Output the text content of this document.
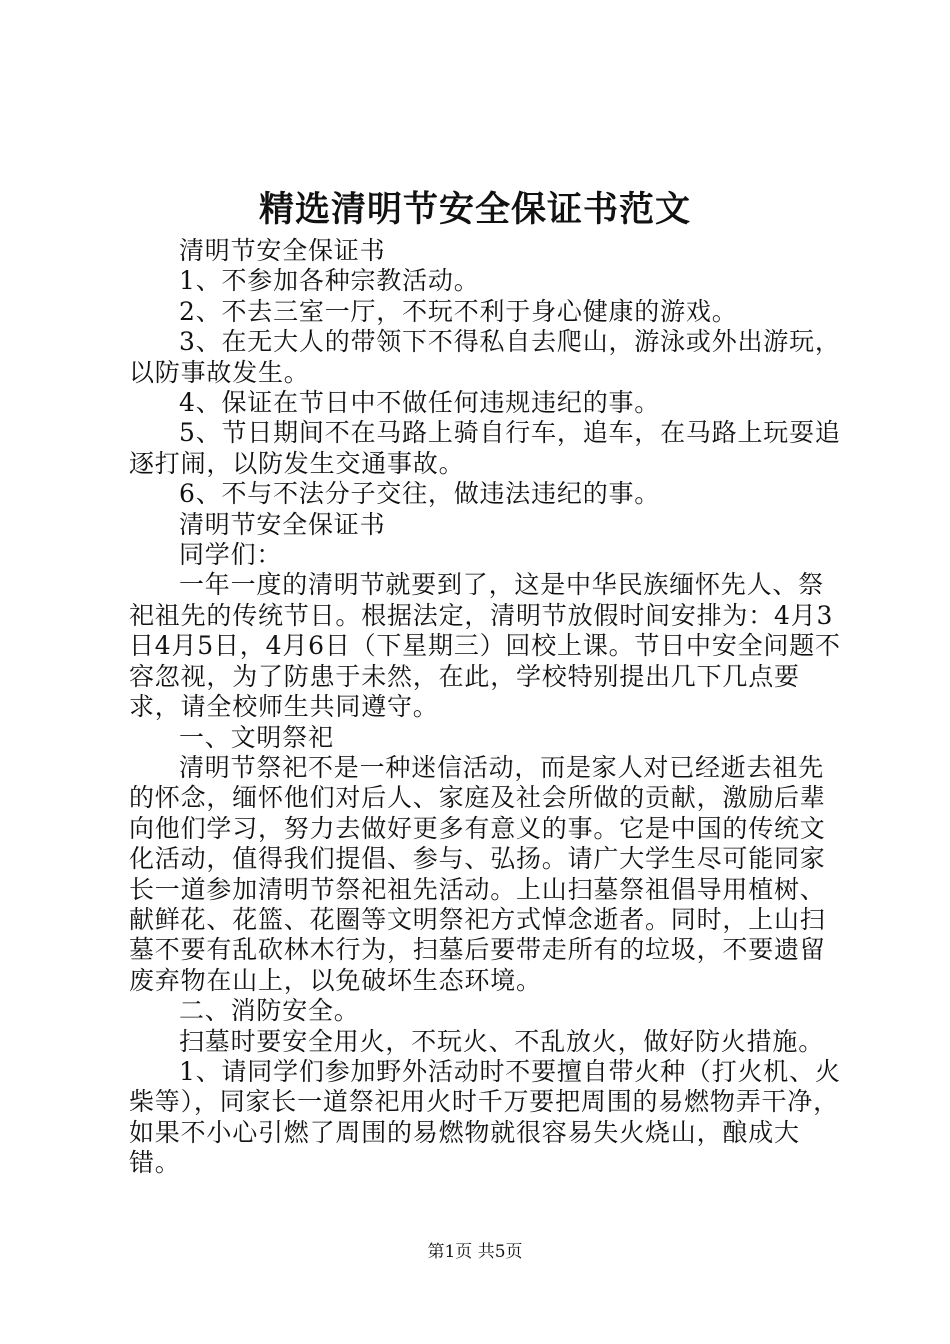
精选清明节安全保证书范文

清明节安全保证书

1、不参加各种宗教活动。

2、不去三室一厅，不玩不利于身心健康的游戏。

3、在无大人的带领下不得私自去爬山，游泳或外出游玩，以防事故发生。

4、保证在节日中不做任何违规违纪的事。

5、节日期间不在马路上骑自行车，追车，在马路上玩耍追逐打闹，以防发生交通事故。

6、不与不法分子交往，做违法违纪的事。

清明节安全保证书

同学们：

一年一度的清明节就要到了，这是中华民族缅怀先人、祭祀祖先的传统节日。根据法定，清明节放假时间安排为：4月3日4月5日，4月6日（下星期三）回校上课。节日中安全问题不容忽视，为了防患于未然，在此，学校特别提出几下几点要求，请全校师生共同遵守。

一、文明祭祀

清明节祭祀不是一种迷信活动，而是家人对已经逝去祖先的怀念，缅怀他们对后人、家庭及社会所做的贡献，激励后辈向他们学习，努力去做好更多有意义的事。它是中国的传统文化活动，值得我们提倡、参与、弘扬。请广大学生尽可能同家长一道参加清明节祭祀祖先活动。上山扫墓祭祖倡导用植树、献鲜花、花篮、花圈等文明祭祀方式悼念逝者。同时，上山扫墓不要有乱砍林木行为，扫墓后要带走所有的垃圾，不要遗留废弃物在山上，以免破坏生态环境。

二、消防安全。

扫墓时要安全用火，不玩火、不乱放火，做好防火措施。

1、请同学们参加野外活动时不要擅自带火种（打火机、火柴等），同家长一道祭祀用火时千万要把周围的易燃物弄干净，如果不小心引燃了周围的易燃物就很容易失火烧山，酿成大错。

第1页 共5页
